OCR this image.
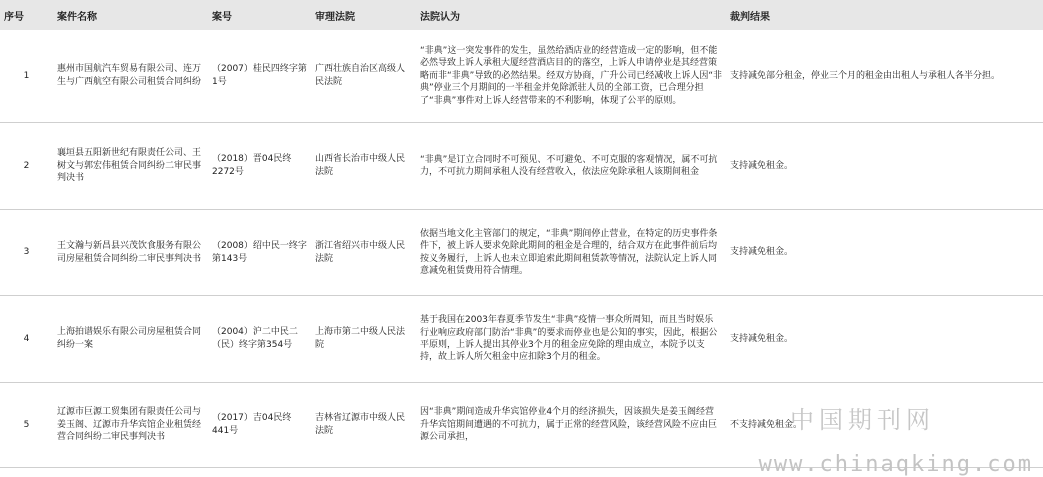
序号	案件名称	案号	审理法院	法院认为	裁判结果
1	惠州市国航汽车贸易有限公司、连万生与广西航空有限公司租赁合同纠纷	（2007）桂民四终字第1号	广西壮族自治区高级人民法院	“非典”这一突发事件的发生，虽然给酒店业的经营造成一定的影响，但不能必然导致上诉人承租大厦经营酒店目的的落空，上诉人申请停业是其经营策略而非“非典”导致的必然结果。经双方协商，广升公司已经减收上诉人因“非典”停业三个月期间的一半租金并免除派驻人员的全部工资，已合理分担了“非典”事件对上诉人经营带来的不利影响，体现了公平的原则。	支持减免部分租金，停业三个月的租金由出租人与承租人各半分担。
2	襄垣县五阳新世纪有限责任公司、王树文与郭宏伟租赁合同纠纷二审民事判决书	（2018）晋04民终2272号	山西省长治市中级人民法院	“非典”是订立合同时不可预见、不可避免、不可克服的客观情况，属不可抗力，不可抗力期间承租人没有经营收入，依法应免除承租人该期间租金	支持减免租金。
3	王文瀚与新昌县兴茂饮食服务有限公司房屋租赁合同纠纷二审民事判决书	（2008）绍中民一终字第143号	浙江省绍兴市中级人民法院	依据当地文化主管部门的规定，“非典”期间停止营业，在特定的历史事件条件下，被上诉人要求免除此期间的租金是合理的，结合双方在此事件前后均按义务履行，上诉人也未立即追索此期间租赁款等情况，法院认定上诉人同意减免租赁费用符合情理。	支持减免租金。
4	上海拍谱娱乐有限公司房屋租赁合同纠纷一案	（2004）沪二中民二（民）终字第354号	上海市第二中级人民法院	基于我国在2003年春夏季节发生“非典”疫情一事众所周知，而且当时娱乐行业响应政府部门防治“非典”的要求而停业也是公知的事实，因此，根据公平原则，上诉人提出其停业3个月的租金应免除的理由成立，本院予以支持，故上诉人所欠租金中应扣除3个月的租金。	支持减免租金。
5	辽源市巨源工贸集团有限责任公司与姜玉阁、辽源市升华宾馆企业租赁经营合同纠纷二审民事判决书	（2017）吉04民终441号	吉林省辽源市中级人民法院	因“非典”期间造成升华宾馆停业4个月的经济损失，因该损失是姜玉阁经营升华宾馆期间遭遇的不可抗力，属于正常的经营风险，该经营风险不应由巨源公司承担，	不支持减免租金。
中国期刊网
www.chinaqking.com
